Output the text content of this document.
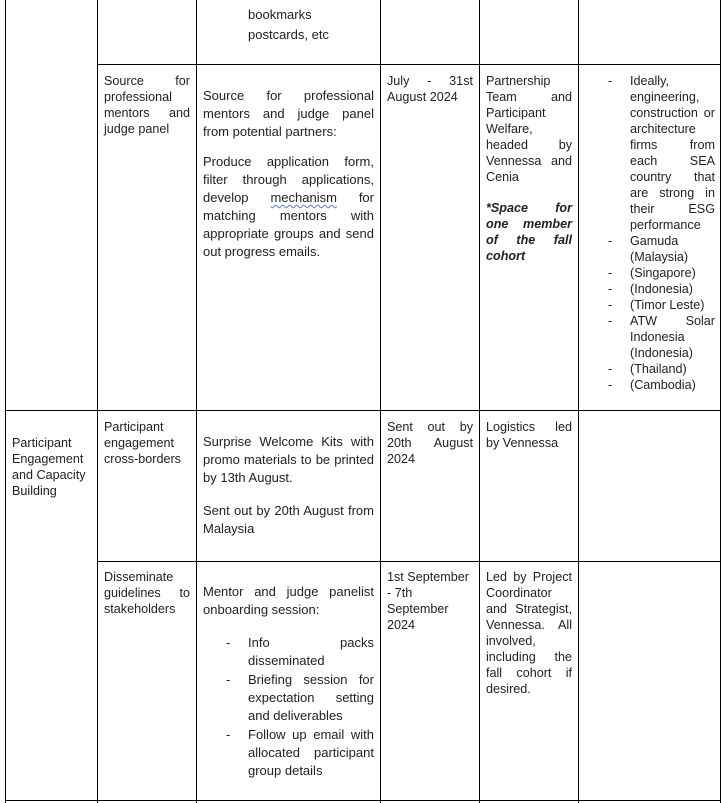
bookmarks

postcards, etc

Source for professional mentors and judge panel

Source for professional mentors and judge panel from potential partners:

Produce application form, filter through applications, develop mechanism for matching mentors with appropriate groups and send out progress emails.

July - 31st August 2024

Partnership Team and Participant Welfare, headed by Vennessa and Cenia

*Space for one member of the fall cohort

- Ideally, engineering, construction or architecture firms from each SEA country that are strong in their ESG performance
- Gamuda (Malaysia)
- (Singapore)
- (Indonesia)
- (Timor Leste)
- ATW Solar Indonesia (Indonesia)
- (Thailand)
- (Cambodia)
Participant Engagement and Capacity Building
Participant engagement cross-borders

Surprise Welcome Kits with promo materials to be printed by 13th August.

Sent out by 20th August from Malaysia

Sent out by 20th August 2024
Logistics led by Vennessa
Disseminate guidelines to stakeholders

Mentor and judge panelist onboarding session:

- Info packs disseminated
- Briefing session for expectation setting and deliverables
- Follow up email with allocated participant group details
1st September - 7th September 2024
Led by Project Coordinator and Strategist, Vennessa. All involved, including the fall cohort if desired.
